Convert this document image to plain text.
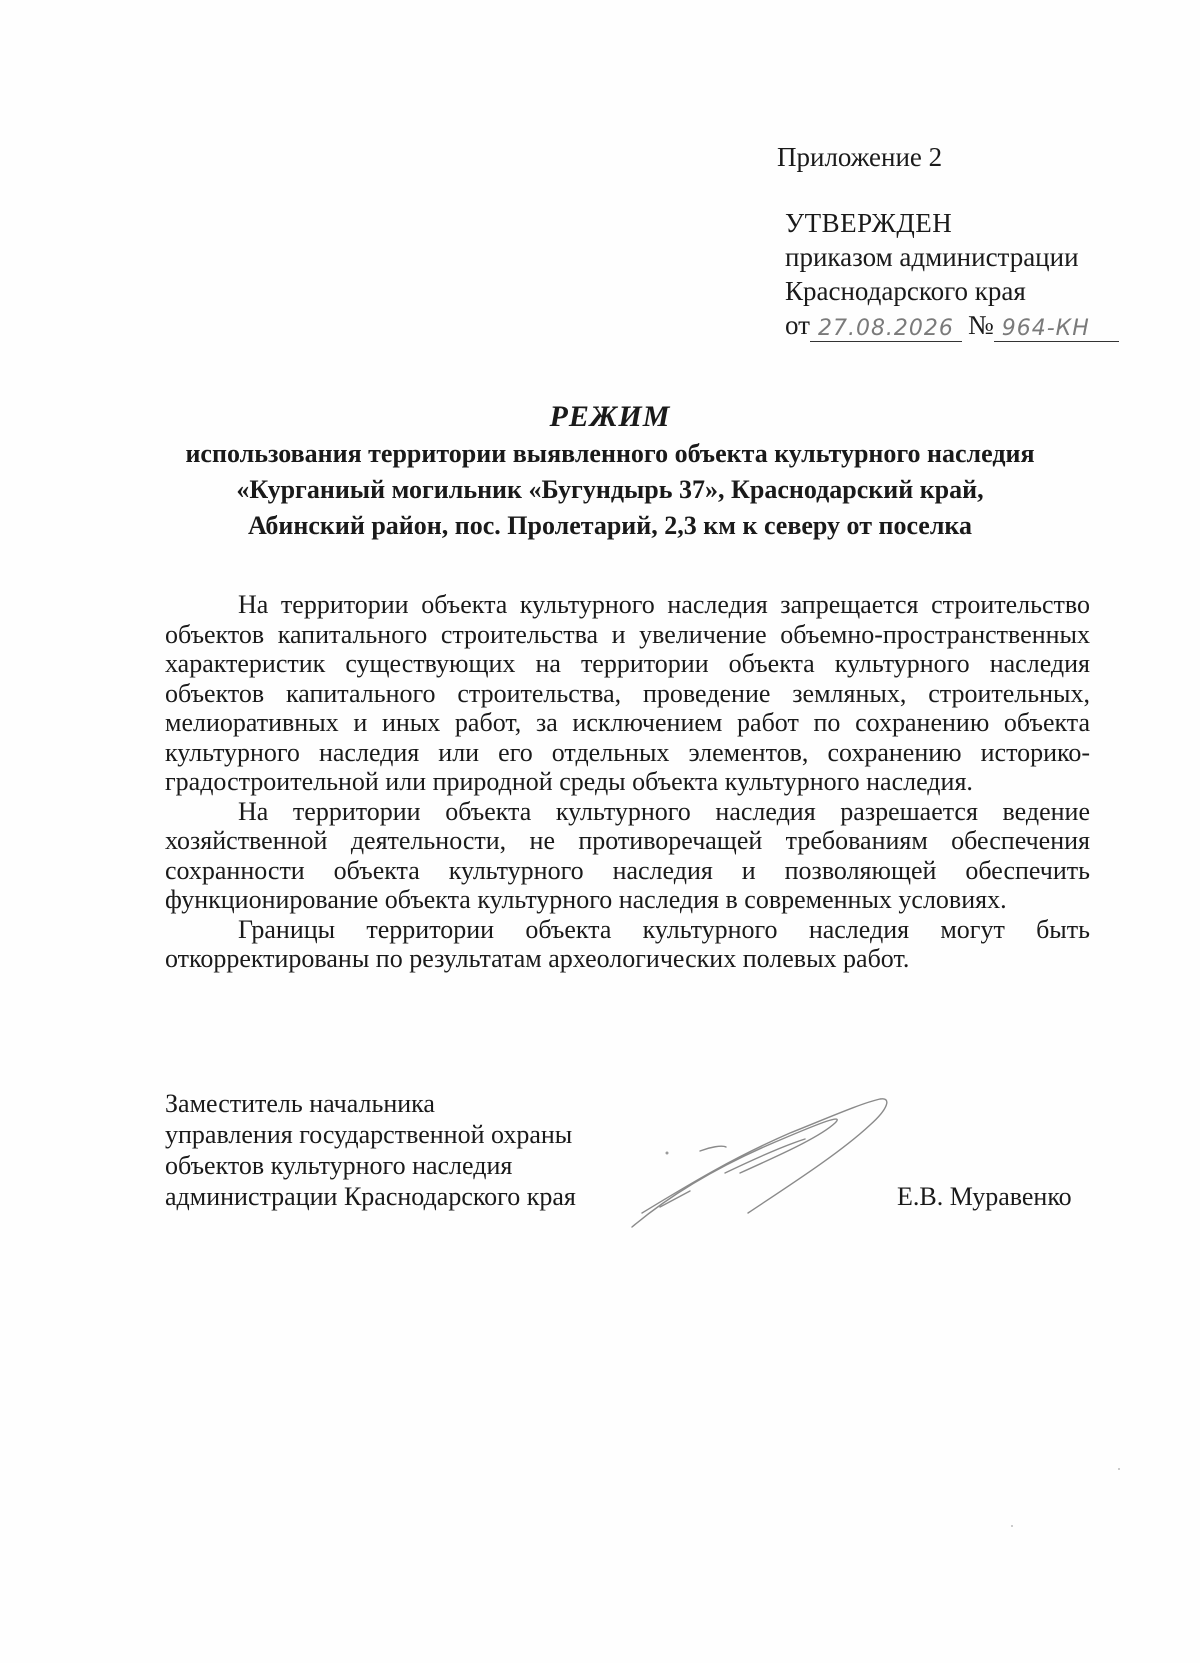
Приложение 2
УТВЕРЖДЕН
приказом администрации
Краснодарского края
от 27.08.2026 № 964-КН
РЕЖИМ
использования территории выявленного объекта культурного наследия
«Курганиый могильник «Бугундырь 37», Краснодарский край,
Абинский район, пос. Пролетарий, 2,3 км к северу от поселка

На территории объекта культурного наследия запрещается строительство объектов капитального строительства и увеличение объемно-пространственных характеристик существующих на территории объекта культурного наследия объектов капитального строительства, проведение земляных, строительных, мелиоративных и иных работ, за исключением работ по сохранению объекта культурного наследия или его отдельных элементов, сохранению историко-градостроительной или природной среды объекта культурного наследия.

На территории объекта культурного наследия разрешается ведение хозяйственной деятельности, не противоречащей требованиям обеспечения сохранности объекта культурного наследия и позволяющей обеспечить функционирование объекта культурного наследия в современных условиях.

Границы территории объекта культурного наследия могут быть откорректированы по результатам археологических полевых работ.

Заместитель начальника
управления государственной охраны
объектов культурного наследия
администрации Краснодарского края	Е.В. Муравенко
